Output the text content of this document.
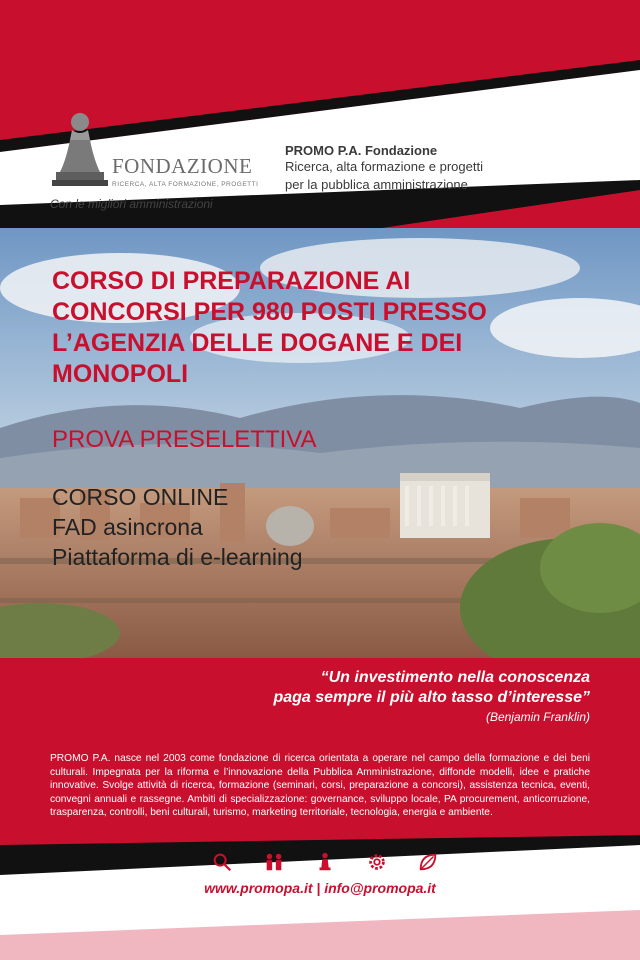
FONDAZIONE
RICERCA, ALTA FORMAZIONE, PROGETTI
Con le migliori amministrazioni
PROMO P.A. Fondazione
Ricerca, alta formazione e progetti
per la pubblica amministrazione
CORSO DI PREPARAZIONE AI
CONCORSI PER 980 POSTI PRESSO
L’AGENZIA DELLE DOGANE E DEI
MONOPOLI
PROVA PRESELETTIVA
CORSO ONLINE
FAD asincrona
Piattaforma di e-learning
“Un investimento nella conoscenza
paga sempre il più alto tasso d’interesse”
(Benjamin Franklin)
PROMO P.A. nasce nel 2003 come fondazione di ricerca orientata a operare nel campo della formazione e dei beni culturali. Impegnata per la riforma e l’innovazione della Pubblica Amministrazione, diffonde modelli, idee e pratiche innovative. Svolge attività di ricerca, formazione (seminari, corsi, preparazione a concorsi), assistenza tecnica, eventi, convegni annuali e rassegne. Ambiti di specializzazione: governance, sviluppo locale, PA procurement, anticorruzione, trasparenza, controlli, beni culturali, turismo, marketing territoriale, tecnologia, energia e ambiente.
www.promopa.it | info@promopa.it
